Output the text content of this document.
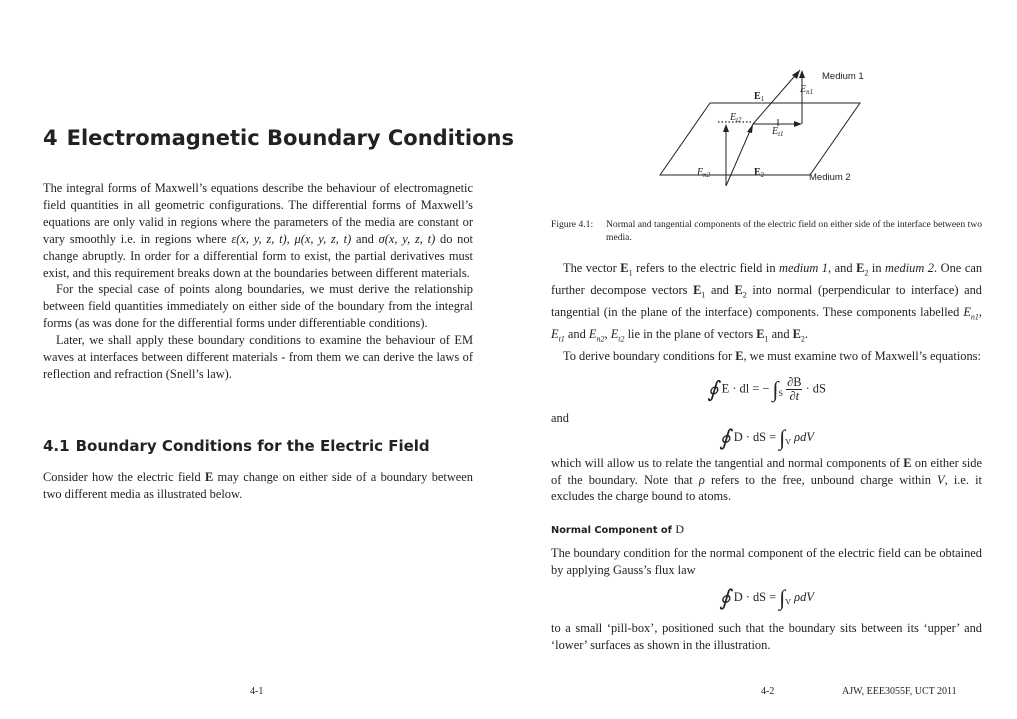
4 Electromagnetic Boundary Conditions

The integral forms of Maxwell’s equations describe the behaviour of electromagnetic field quantities in all geometric configurations. The differential forms of Maxwell’s equations are only valid in regions where the parameters of the media are constant or vary smoothly i.e. in regions where ε(x, y, z, t), μ(x, y, z, t) and σ(x, y, z, t) do not change abruptly. In order for a differential form to exist, the partial derivatives must exist, and this requirement breaks down at the boundaries between different materials.

For the special case of points along boundaries, we must derive the relationship between field quantities immediately on either side of the boundary from the integral forms (as was done for the differential forms under differentiable conditions).

Later, we shall apply these boundary conditions to examine the behaviour of EM waves at interfaces between different materials - from them we can derive the laws of reflection and refraction (Snell’s law).

4.1 Boundary Conditions for the Electric Field

Consider how the electric field E may change on either side of a boundary between two different media as illustrated below.

4-1
Medium 1
Medium 2
$E_1$
$E_{n1}$
$E_{t2}$
$E_{t1}$
$E_{n2}$	$E_2$
Figure 4.1:	Normal and tangential components of the electric field on either side of the interface between two media.

The vector $E_1$ refers to the electric field in medium 1, and $E_2$ in medium 2. One can further decompose vectors $E_1$ and $E_2$ into normal (perpendicular to interface) and tangential (in the plane of the interface) components. These components labelled $E_{n1}$, $E_{t1}$ and $E_{n2}$, $E_{t2}$ lie in the plane of vectors $E_1$ and $E_2$.

To derive boundary conditions for E, we must examine two of Maxwell’s equations:

∮ E · dl = − $\int_S \frac{\partial B}{\partial t}$ · dS
and
∮ D · dS = $\int_V$ ρdV

which will allow us to relate the tangential and normal components of E on either side of the boundary. Note that ρ refers to the free, unbound charge within V, i.e. it excludes the charge bound to atoms.

Normal Component of D

The boundary condition for the normal component of the electric field can be obtained by applying Gauss’s flux law

∮ D · dS = $\int_V$ ρdV

to a small ‘pill-box’, positioned such that the boundary sits between its ‘upper’ and ‘lower’ surfaces as shown in the illustration.

4-2	AJW, EEE3055F, UCT 2011
